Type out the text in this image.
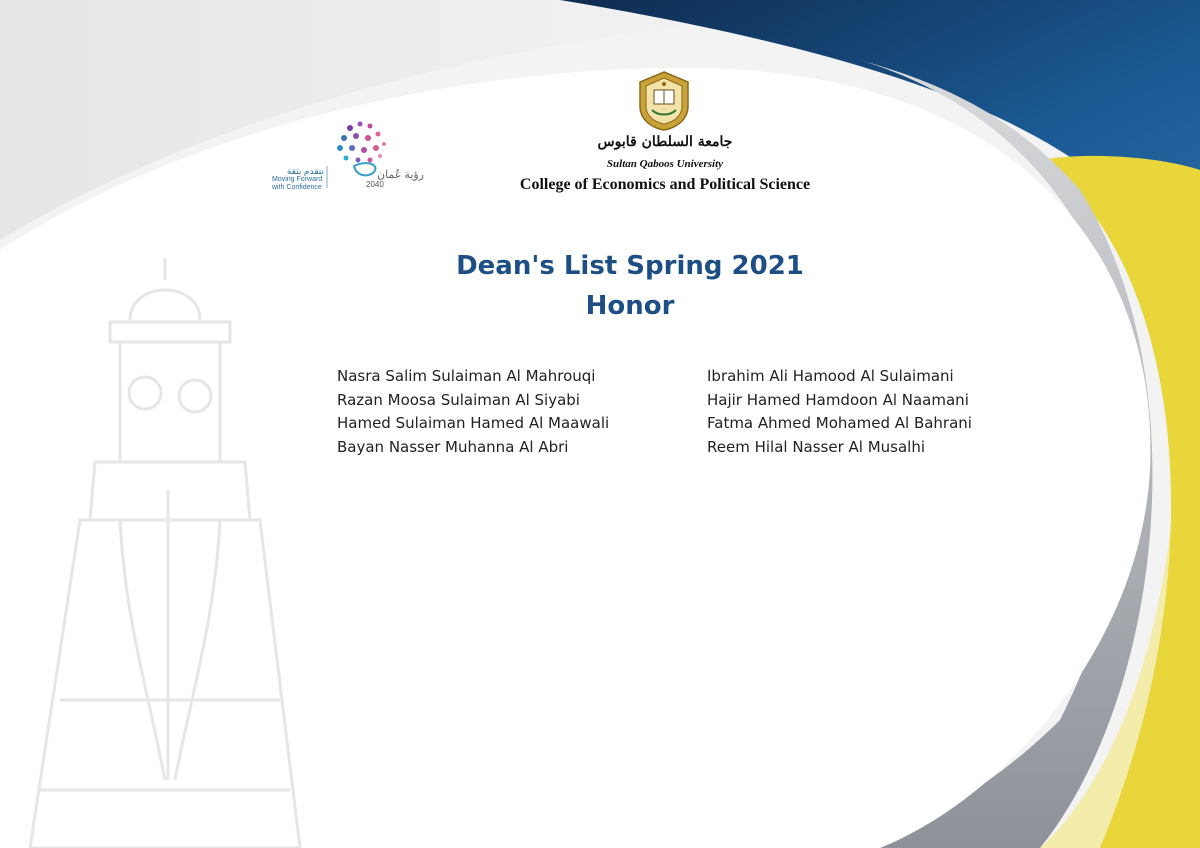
نتقدم بثقة
Moving Forward
with Confidence
رؤية عُمان
2040
جامعة السلطان قابوس
Sultan Qaboos University
College of Economics and Political Science
Dean's List Spring 2021
Honor
Nasra Salim Sulaiman Al Mahrouqi
Razan Moosa Sulaiman Al Siyabi
Hamed Sulaiman Hamed Al Maawali
Bayan Nasser Muhanna Al Abri
Ibrahim Ali Hamood Al Sulaimani
Hajir Hamed Hamdoon Al Naamani
Fatma Ahmed Mohamed Al Bahrani
Reem Hilal Nasser Al Musalhi
